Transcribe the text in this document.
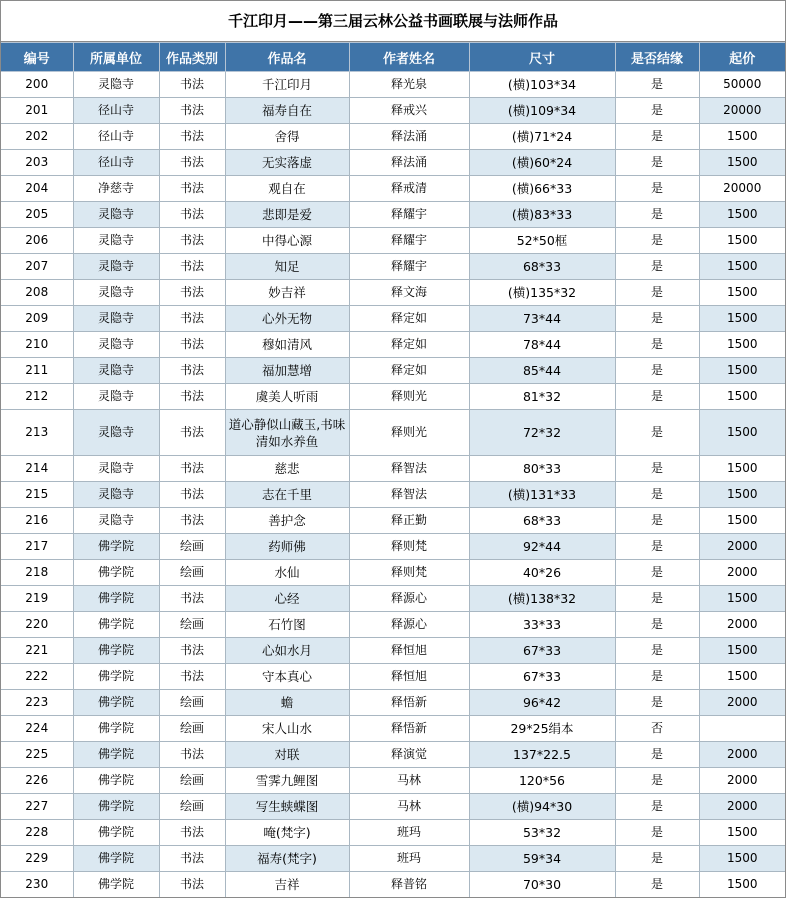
千江印月——第三届云林公益书画联展与法师作品
编号	所属单位	作品类别	作品名	作者姓名	尺寸	是否结缘	起价
200	灵隐寺	书法	千江印月	释光泉	(横)103*34	是	50000
201	径山寺	书法	福寿自在	释戒兴	(横)109*34	是	20000
202	径山寺	书法	舍得	释法涌	(横)71*24	是	1500
203	径山寺	书法	无实落虚	释法涌	(横)60*24	是	1500
204	净慈寺	书法	观自在	释戒清	(横)66*33	是	20000
205	灵隐寺	书法	悲即是爱	释耀宇	(横)83*33	是	1500
206	灵隐寺	书法	中得心源	释耀宇	52*50框	是	1500
207	灵隐寺	书法	知足	释耀宇	68*33	是	1500
208	灵隐寺	书法	妙吉祥	释文海	(横)135*32	是	1500
209	灵隐寺	书法	心外无物	释定如	73*44	是	1500
210	灵隐寺	书法	穆如清风	释定如	78*44	是	1500
211	灵隐寺	书法	福加慧增	释定如	85*44	是	1500
212	灵隐寺	书法	虞美人听雨	释则光	81*32	是	1500
213	灵隐寺	书法	道心静似山藏玉,书味清如水养鱼	释则光	72*32	是	1500
214	灵隐寺	书法	慈悲	释智法	80*33	是	1500
215	灵隐寺	书法	志在千里	释智法	(横)131*33	是	1500
216	灵隐寺	书法	善护念	释正勤	68*33	是	1500
217	佛学院	绘画	药师佛	释则梵	92*44	是	2000
218	佛学院	绘画	水仙	释则梵	40*26	是	2000
219	佛学院	书法	心经	释源心	(横)138*32	是	1500
220	佛学院	绘画	石竹图	释源心	33*33	是	2000
221	佛学院	书法	心如水月	释恒旭	67*33	是	1500
222	佛学院	书法	守本真心	释恒旭	67*33	是	1500
223	佛学院	绘画	蟾	释悟新	96*42	是	2000
224	佛学院	绘画	宋人山水	释悟新	29*25绢本	否	
225	佛学院	书法	对联	释演觉	137*22.5	是	2000
226	佛学院	绘画	雪霁九鲤图	马林	120*56	是	2000
227	佛学院	绘画	写生蛱蝶图	马林	(横)94*30	是	2000
228	佛学院	书法	唵(梵字)	班玛	53*32	是	1500
229	佛学院	书法	福寿(梵字)	班玛	59*34	是	1500
230	佛学院	书法	吉祥	释普铭	70*30	是	1500
